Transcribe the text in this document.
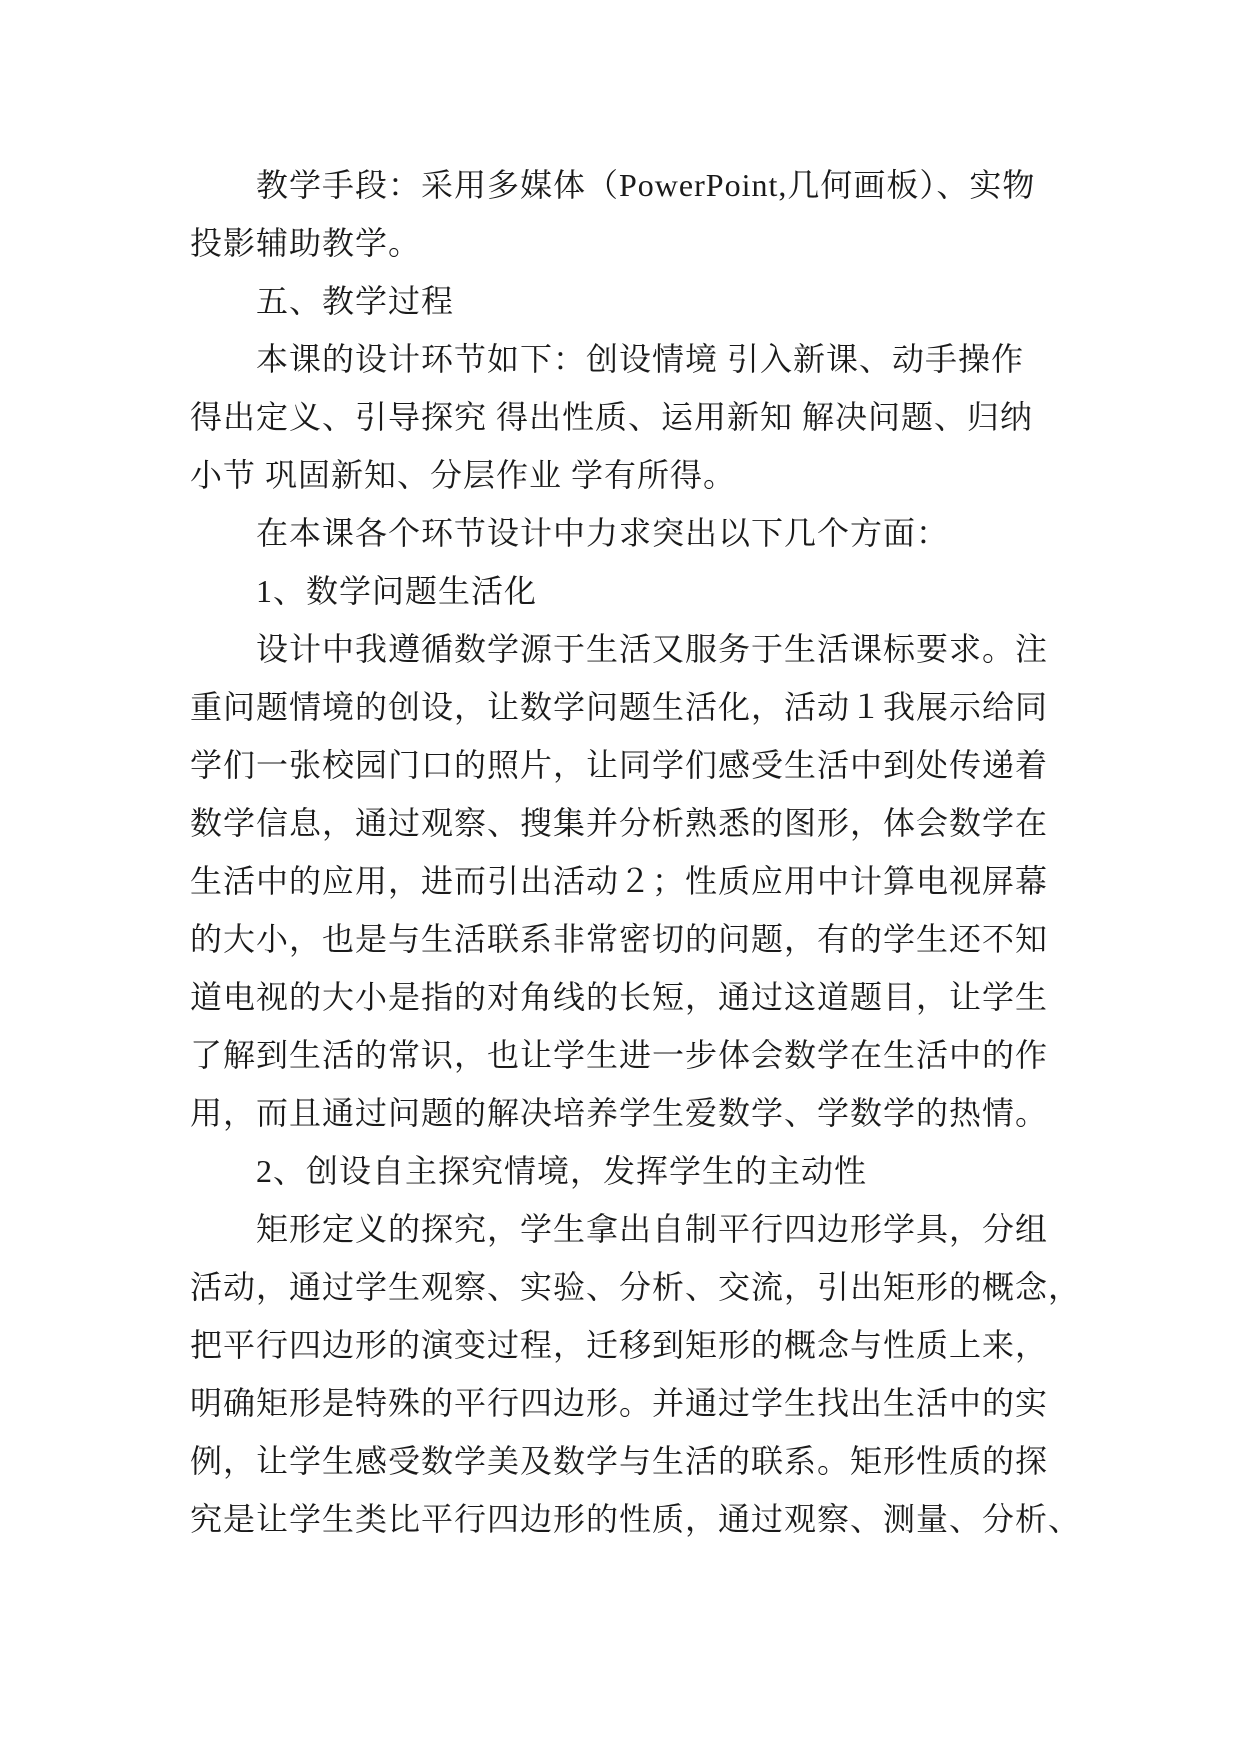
教学手段：采用多媒体（PowerPoint,几何画板）、实物
投影辅助教学。
五、教学过程
本课的设计环节如下：创设情境 引入新课、动手操作
得出定义、引导探究 得出性质、运用新知 解决问题、归纳
小节 巩固新知、分层作业 学有所得。
在本课各个环节设计中力求突出以下几个方面：
1、数学问题生活化
设计中我遵循数学源于生活又服务于生活课标要求。注
重问题情境的创设，让数学问题生活化，活动１我展示给同
学们一张校园门口的照片，让同学们感受生活中到处传递着
数学信息，通过观察、搜集并分析熟悉的图形，体会数学在
生活中的应用，进而引出活动２；性质应用中计算电视屏幕
的大小，也是与生活联系非常密切的问题，有的学生还不知
道电视的大小是指的对角线的长短，通过这道题目，让学生
了解到生活的常识，也让学生进一步体会数学在生活中的作
用，而且通过问题的解决培养学生爱数学、学数学的热情。
2、创设自主探究情境，发挥学生的主动性
矩形定义的探究，学生拿出自制平行四边形学具，分组
活动，通过学生观察、实验、分析、交流，引出矩形的概念，
把平行四边形的演变过程，迁移到矩形的概念与性质上来，
明确矩形是特殊的平行四边形。并通过学生找出生活中的实
例，让学生感受数学美及数学与生活的联系。矩形性质的探
究是让学生类比平行四边形的性质，通过观察、测量、分析、
